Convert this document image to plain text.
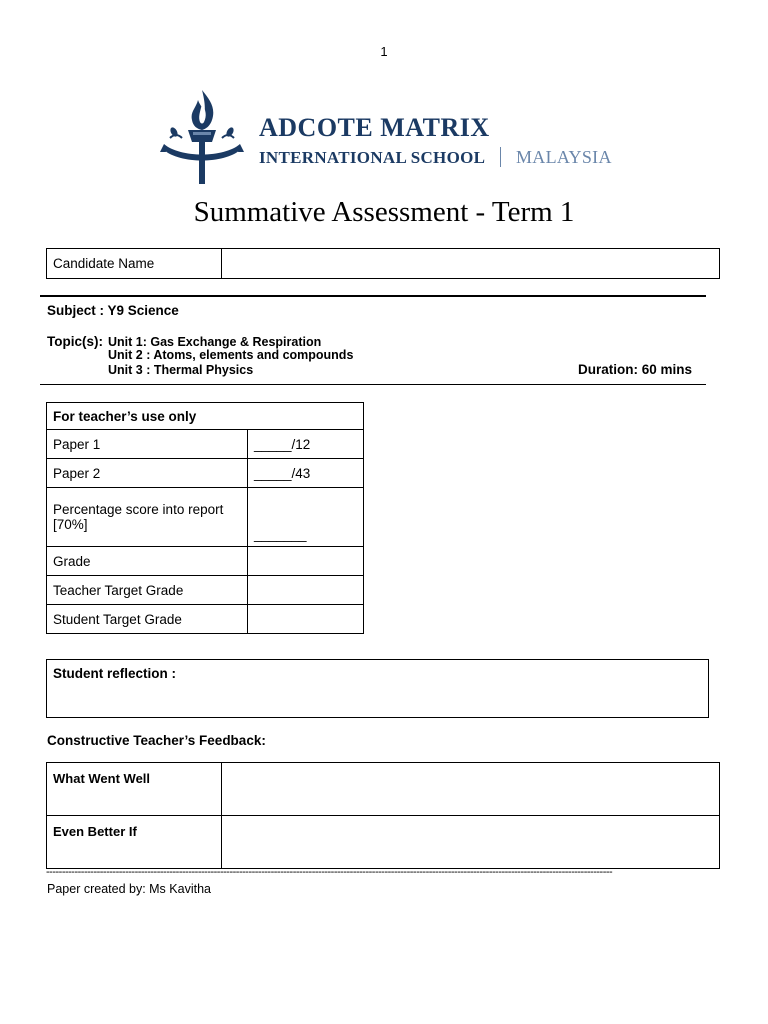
1
ADCOTE MATRIX
INTERNATIONAL SCHOOL MALAYSIA
Summative Assessment - Term 1
Candidate Name	
Subject : Y9 Science
Topic(s): Unit 1: Gas Exchange & Respiration
Unit 2 : Atoms, elements and compounds
Unit 3 : Thermal Physics	Duration: 60 mins
For teacher’s use only	
Paper 1	_____/12
Paper 2	_____/43
Percentage score into report [70%]	_______
Grade	
Teacher Target Grade	
Student Target Grade	
Student reflection :
Constructive Teacher’s Feedback:
What Went Well	
Even Better If	
-----------------------------------------------------------------------------------------------------------------------------------------------------------------------------------
Paper created by: Ms Kavitha
